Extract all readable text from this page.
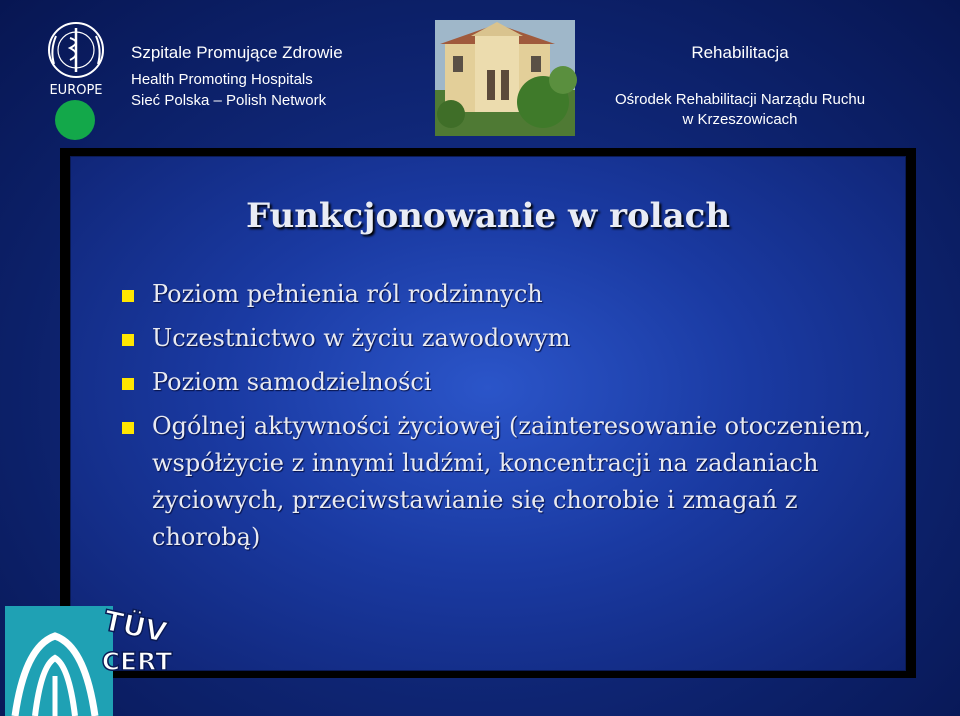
EUROPE
Szpitale Promujące Zdrowie
Health Promoting Hospitals
Sieć Polska – Polish Network
Rehabilitacja
Ośrodek Rehabilitacji Narządu Ruchu
w Krzeszowicach
Funkcjonowanie w rolach
Poziom pełnienia ról rodzinnych
Uczestnictwo w życiu zawodowym
Poziom samodzielności
Ogólnej aktywności życiowej (zainteresowanie otoczeniem, współżycie z innymi ludźmi, koncentracji na zadaniach życiowych, przeciwstawianie się chorobie i zmagań z chorobą)
TÜV
CERT
